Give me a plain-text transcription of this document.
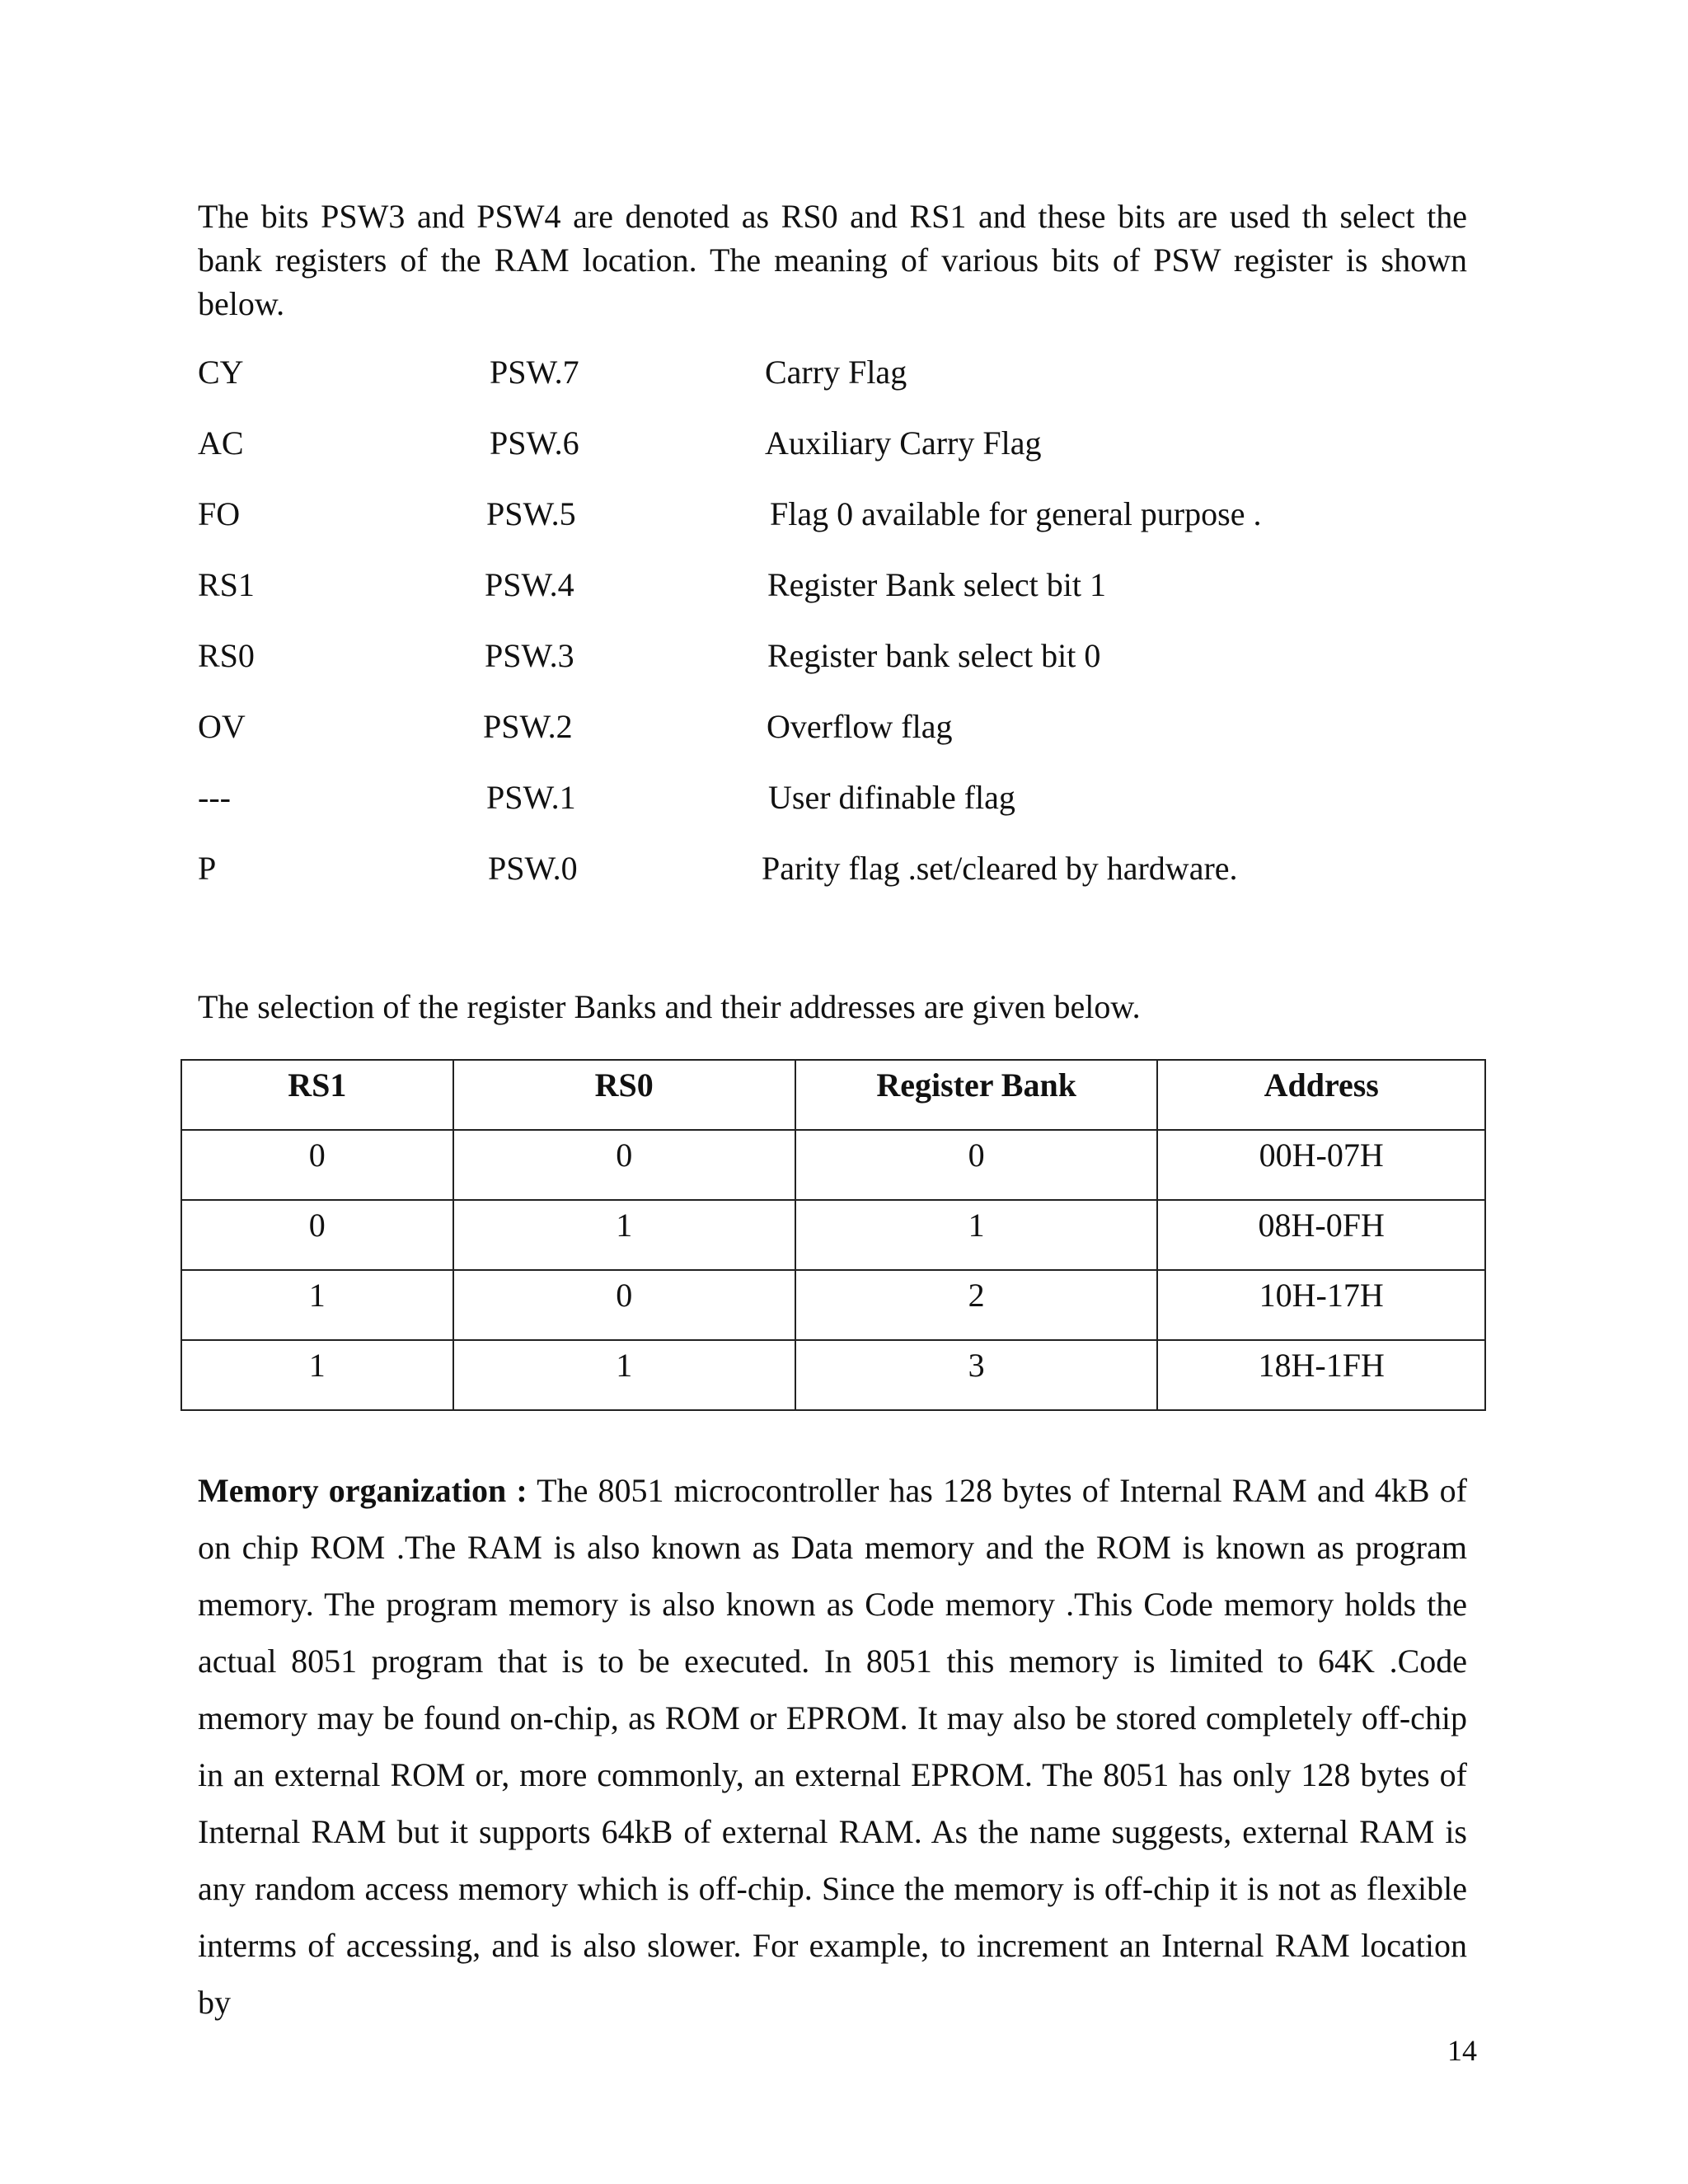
The bits PSW3 and PSW4 are denoted as RS0 and RS1 and these bits are used th select the bank registers of the RAM location. The meaning of various bits of PSW register is shown below.

CY	PSW.7	Carry Flag
AC	PSW.6	Auxiliary Carry Flag
FO	PSW.5	Flag 0 available for general purpose .
RS1	PSW.4	Register Bank select bit 1
RS0	PSW.3	Register bank select bit 0
OV	PSW.2	Overflow flag
---	PSW.1	User difinable flag
P	PSW.0	Parity flag .set/cleared by hardware.

The selection of the register Banks and their addresses are given below.

RS1	RS0	Register Bank	Address
0	0	0	00H-07H
0	1	1	08H-0FH
1	0	2	10H-17H
1	1	3	18H-1FH

Memory organization : The 8051 microcontroller has 128 bytes of Internal RAM and 4kB of on chip ROM .The RAM is also known as Data memory and the ROM is known as program memory. The program memory is also known as Code memory .This Code memory holds the actual 8051 program that is to be executed. In 8051 this memory is limited to 64K .Code memory may be found on-chip, as ROM or EPROM. It may also be stored completely off-chip in an external ROM or, more commonly, an external EPROM. The 8051 has only 128 bytes of Internal RAM but it supports 64kB of external RAM. As the name suggests, external RAM is any random access memory which is off-chip. Since the memory is off-chip it is not as flexible interms of accessing, and is also slower. For example, to increment an Internal RAM location by

14
